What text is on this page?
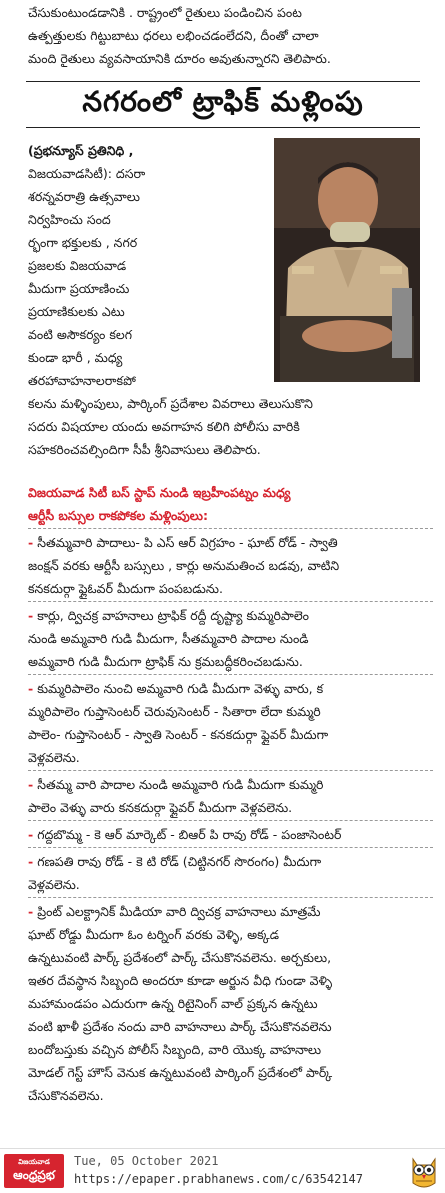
చేసుకుంటుండడానికి . రాష్ట్రంలో రైతులు పండించిన పంట
ఉత్పత్తులకు గిట్టుబాటు ధరలు లభించడంలేదని, దీంతో చాలా
మంది రైతులు వ్యవసాయానికి దూరం అవుతున్నారని తెలిపారు.
నగరంలో ట్రాఫిక్ మళ్లింపు
(ప్రభన్యూస్ ప్రతినిధి ,
విజయవాడసిటీ): దసరా
శరన్నవరాత్రి ఉత్సవాలు
నిర్వహించు సంద
ర్భంగా భక్తులకు , నగర
ప్రజలకు విజయవాడ
మీదుగా ప్రయాణించు
ప్రయాణికులకు ఎటు
వంటి అసౌకర్యం కలగ
కుండా భారీ , మధ్య
తరహావాహనాలరాకపో
కలను మళ్ళింపులు, పార్కింగ్ ప్రదేశాల వివరాలు తెలుసుకొని
సదరు విషయాల యందు అవగాహన కలిగి పోలీసు వారికి
సహకరించవల్సిందిగా సీపీ శ్రీనివాసులు తెలిపారు.
విజయవాడ సిటీ బస్ స్టాప్ నుండి ఇబ్రహీంపట్నం మధ్య
ఆర్టీసీ బస్సుల రాకపోకల మళ్లింపులు:
- సీతమ్మవారి పాదాలు- పి ఎస్ ఆర్ విగ్రహం - ఘాట్ రోడ్ - స్వాతి
జంక్షన్ వరకు ఆర్టీసీ బస్సులు , కార్లు అనుమతించ బడవు, వాటిని
కనకదుర్గా ఫ్లైఓవర్ మీదుగా పంపబడును.
- కార్లు, ద్విచక్ర వాహనాలు ట్రాఫిక్ రద్దీ దృష్ట్యా కుమ్మరిపాలెం
నుండి అమ్మవారి గుడి మీదుగా, సీతమ్మవారి పాదాల నుండి
అమ్మవారి గుడి మీదుగా ట్రాఫిక్ ను క్రమబద్ధీకరించబడును.
- కుమ్మరిపాలెం నుంచి అమ్మవారి గుడి మీదుగా వెళ్ళు వారు, క
మ్మరిపాలెం గుప్తాసెంటర్ చెరువుసెంటర్ - సితారా లేదా కుమ్మరి
పాలెం- గుప్తాసెంటర్ - స్వాతి సెంటర్ - కనకదుర్గా ఫ్లైవర్ మీదుగా
వెళ్లవలెను.
- సీతమ్మ వారి పాదాల నుండి అమ్మవారి గుడి మీదుగా కుమ్మరి
పాలెం వెళ్ళు వారు కనకదుర్గా ఫ్లైవర్ మీదుగా వెళ్లవలెను.
- గద్దబొమ్మ - కె ఆర్ మార్కెట్ - బిఆర్ పి రావు రోడ్ - పంజాసెంటర్
- గణపతి రావు రోడ్ - కె టి రోడ్ (చిట్టినగర్ సొరంగం) మీదుగా
వెళ్లవలెను.
- ప్రింట్ ఎలక్ట్రానిక్ మీడియా వారి ద్విచక్ర వాహనాలు మాత్రమే
ఘాట్ రోడ్డు మీదుగా ఓం టర్నింగ్ వరకు వెళ్ళి, అక్కడ
ఉన్నటువంటి పార్క్ ప్రదేశంలో పార్క్ చేసుకొనవలెను. అర్చకులు,
ఇతర దేవస్థాన సిబ్బంది అందరూ కూడా అర్జున వీధి గుండా వెళ్ళి
మహామండపం ఎదురుగా ఉన్న రిటైనింగ్ వాల్ ప్రక్కన ఉన్నటు
వంటి ఖాళీ ప్రదేశం నందు వారి వాహనాలు పార్క్ చేసుకొనవలెను
బందోబస్తుకు వచ్చిన పోలీస్ సిబ్బంది, వారి యొక్క వాహనాలు
మోడల్ గెస్ట్ హౌస్ వెనుక ఉన్నటువంటి పార్కింగ్ ప్రదేశంలో పార్క్
చేసుకొనవలెను.
విజయవాడ
ఆంధ్రప్రభ
Tue, 05 October 2021
https://epaper.prabhanews.com/c/63542147
